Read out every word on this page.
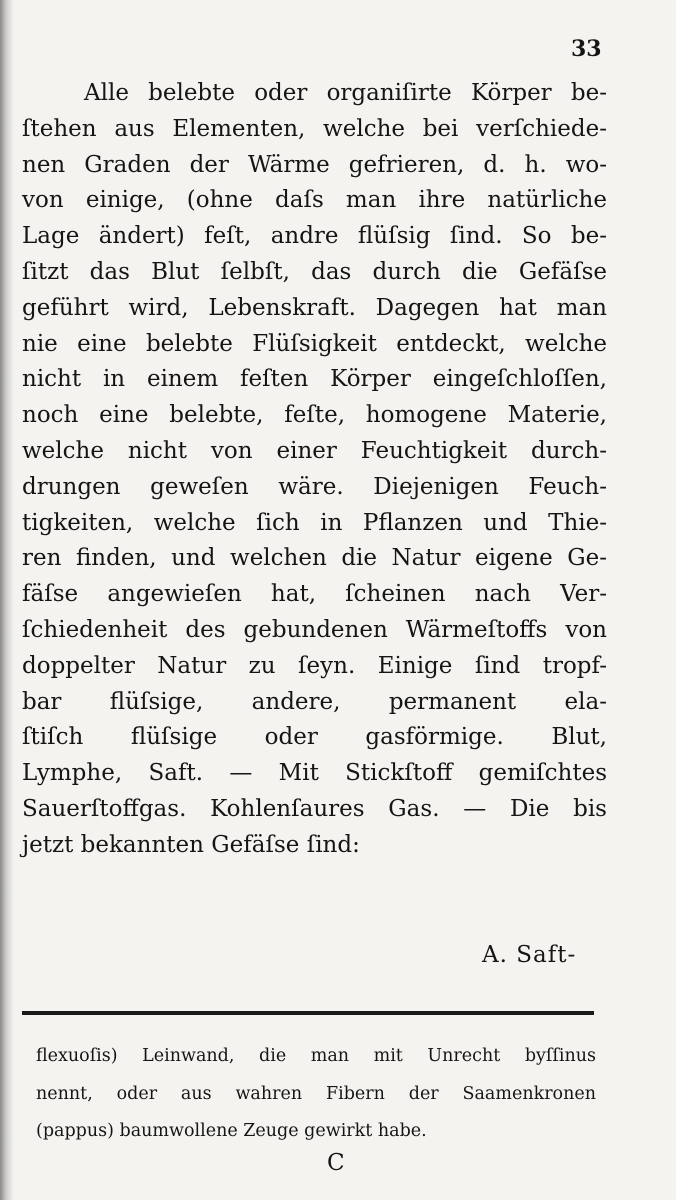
33
Alle belebte oder organiſirte Körper be-
ſtehen aus Elementen, welche bei verſchiede-
nen Graden der Wärme gefrieren, d. h. wo-
von einige, (ohne daſs man ihre natürliche
Lage ändert) feſt, andre flüſsig ſind. So be-
ſitzt das Blut ſelbſt, das durch die Gefäſse
geführt wird, Lebenskraft. Dagegen hat man
nie eine belebte Flüſsigkeit entdeckt, welche
nicht in einem feſten Körper eingeſchloſſen,
noch eine belebte, feſte, homogene Materie,
welche nicht von einer Feuchtigkeit durch-
drungen geweſen wäre. Diejenigen Feuch-
tigkeiten, welche ſich in Pflanzen und Thie-
ren finden, und welchen die Natur eigene Ge-
fäſse angewieſen hat, ſcheinen nach Ver-
ſchiedenheit des gebundenen Wärmeſtoffs von
doppelter Natur zu ſeyn. Einige ſind tropf-
bar flüſsige, andere, permanent ela-
ſtiſch flüſsige oder gasförmige. Blut,
Lymphe, Saft. — Mit Stickſtoff gemiſchtes
Sauerſtoffgas. Kohlenſaures Gas. — Die bis
jetzt bekannten Gefäſse ſind:
A. Saft-
flexuoſis) Leinwand, die man mit Unrecht byſſinus
nennt, oder aus wahren Fibern der Saamenkronen
(pappus) baumwollene Zeuge gewirkt habe.
C
